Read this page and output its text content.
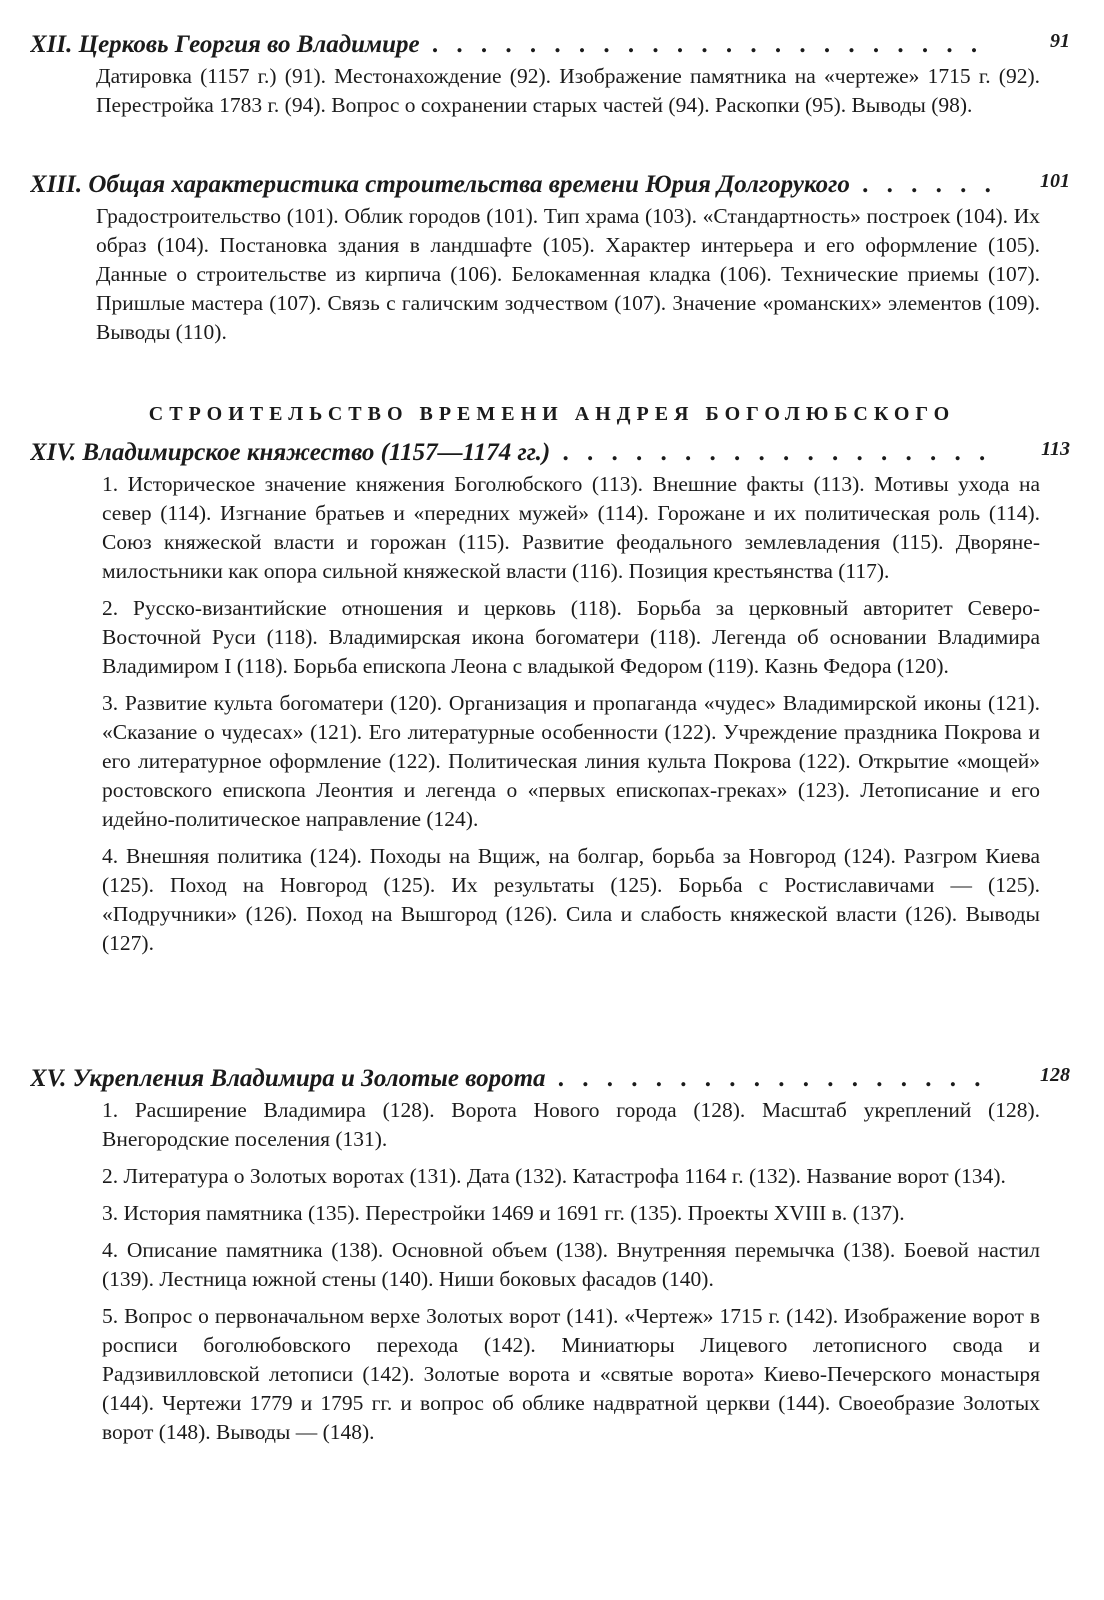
XII. Церковь Георгия во Владимире . . .	91

Датировка (1157 г.) (91). Местонахождение (92). Изображение памятника на «чертеже» 1715 г. (92). Перестройка 1783 г. (94). Вопрос о сохранении старых частей (94). Раскопки (95). Выводы (98).

XIII. Общая характеристика строительства времени Юрия Долгорукого . . .	101

Градостроительство (101). Облик городов (101). Тип храма (103). «Стандартность» построек (104). Их образ (104). Постановка здания в ландшафте (105). Характер интерьера и его оформление (105). Данные о строительстве из кирпича (106). Белокаменная кладка (106). Технические приемы (107). Пришлые мастера (107). Связь с галичским зодчеством (107). Значение «романских» элементов (109). Выводы (110).

СТРОИТЕЛЬСТВО ВРЕМЕНИ АНДРЕЯ БОГОЛЮБСКОГО
XIV. Владимирское княжество (1157—1174 гг.) . . .	113

1. Историческое значение княжения Боголюбского (113). Внешние факты (113). Мотивы ухода на север (114). Изгнание братьев и «передних мужей» (114). Горожане и их политическая роль (114). Союз княжеской власти и горожан (115). Развитие феодального землевладения (115). Дворяне-милостьники как опора сильной княжеской власти (116). Позиция крестьянства (117).

2. Русско-византийские отношения и церковь (118). Борьба за церковный авторитет Северо-Восточной Руси (118). Владимирская икона богоматери (118). Легенда об основании Владимира Владимиром I (118). Борьба епископа Леона с владыкой Федором (119). Казнь Федора (120).

3. Развитие культа богоматери (120). Организация и пропаганда «чудес» Владимирской иконы (121). «Сказание о чудесах» (121). Его литературные особенности (122). Учреждение праздника Покрова и его литературное оформление (122). Политическая линия культа Покрова (122). Открытие «мощей» ростовского епископа Леонтия и легенда о «первых епископах-греках» (123). Летописание и его идейно-политическое направление (124).

4. Внешняя политика (124). Походы на Вщиж, на болгар, борьба за Новгород (124). Разгром Киева (125). Поход на Новгород (125). Их результаты (125). Борьба с Ростиславичами — (125). «Подручники» (126). Поход на Вышгород (126). Сила и слабость княжеской власти (126). Выводы (127).

XV. Укрепления Владимира и Золотые ворота . . .	128

1. Расширение Владимира (128). Ворота Нового города (128). Масштаб укреплений (128). Внегородские поселения (131).

2. Литература о Золотых воротах (131). Дата (132). Катастрофа 1164 г. (132). Название ворот (134).

3. История памятника (135). Перестройки 1469 и 1691 гг. (135). Проекты XVIII в. (137).

4. Описание памятника (138). Основной объем (138). Внутренняя перемычка (138). Боевой настил (139). Лестница южной стены (140). Ниши боковых фасадов (140).

5. Вопрос о первоначальном верхе Золотых ворот (141). «Чертеж» 1715 г. (142). Изображение ворот в росписи боголюбовского перехода (142). Миниатюры Лицевого летописного свода и Радзивилловской летописи (142). Золотые ворота и «святые ворота» Киево-Печерского монастыря (144). Чертежи 1779 и 1795 гг. и вопрос об облике надвратной церкви (144). Своеобразие Золотых ворот (148). Выводы — (148).
